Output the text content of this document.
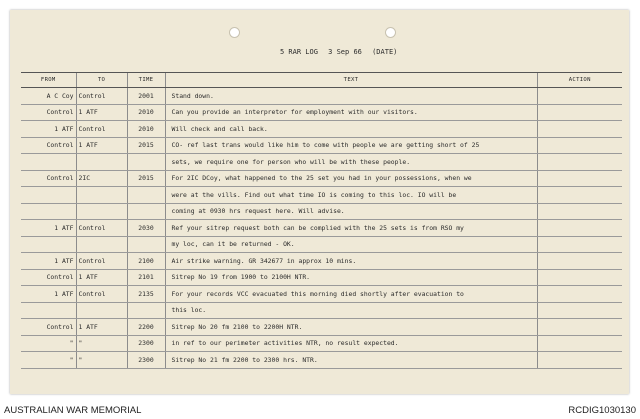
5 RAR LOG 3 Sep 66 (DATE)
FROM	TO	TIME	TEXT	ACTION
A C Coy	Control	2001	Stand down.	
Control	1 ATF	2010	Can you provide an interpretor for employment with our visitors.	
1 ATF	Control	2010	Will check and call back.	
Control	1 ATF	2015	CO- ref last trans would like him to come with people we are getting short of 25	
			sets, we require one for person who will be with these people.	
Control	2IC	2015	For 2IC DCoy, what happened to the 25 set you had in your possessions, when we	
			were at the vills. Find out what time IO is coming to this loc. IO will be	
			coming at 0930 hrs request here. Will advise.	
1 ATF	Control	2030	Ref your sitrep request both can be complied with the 25 sets is from RSO my	
			my loc, can it be returned - OK.	
1 ATF	Control	2100	Air strike warning. GR 342677 in approx 10 mins.	
Control	1 ATF	2101	Sitrep No 19 from 1900 to 2100H NTR.	
1 ATF	Control	2135	For your records VCC evacuated this morning died shortly after evacuation to	
			this loc.	
Control	1 ATF	2200	Sitrep No 20 fm 2100 to 2200H NTR.	
"	"	2300	in ref to our perimeter activities NTR, no result expected.	
"	"	2300	Sitrep No 21 fm 2200 to 2300 hrs. NTR.	
AUSTRALIAN WAR MEMORIAL	RCDIG1030130
